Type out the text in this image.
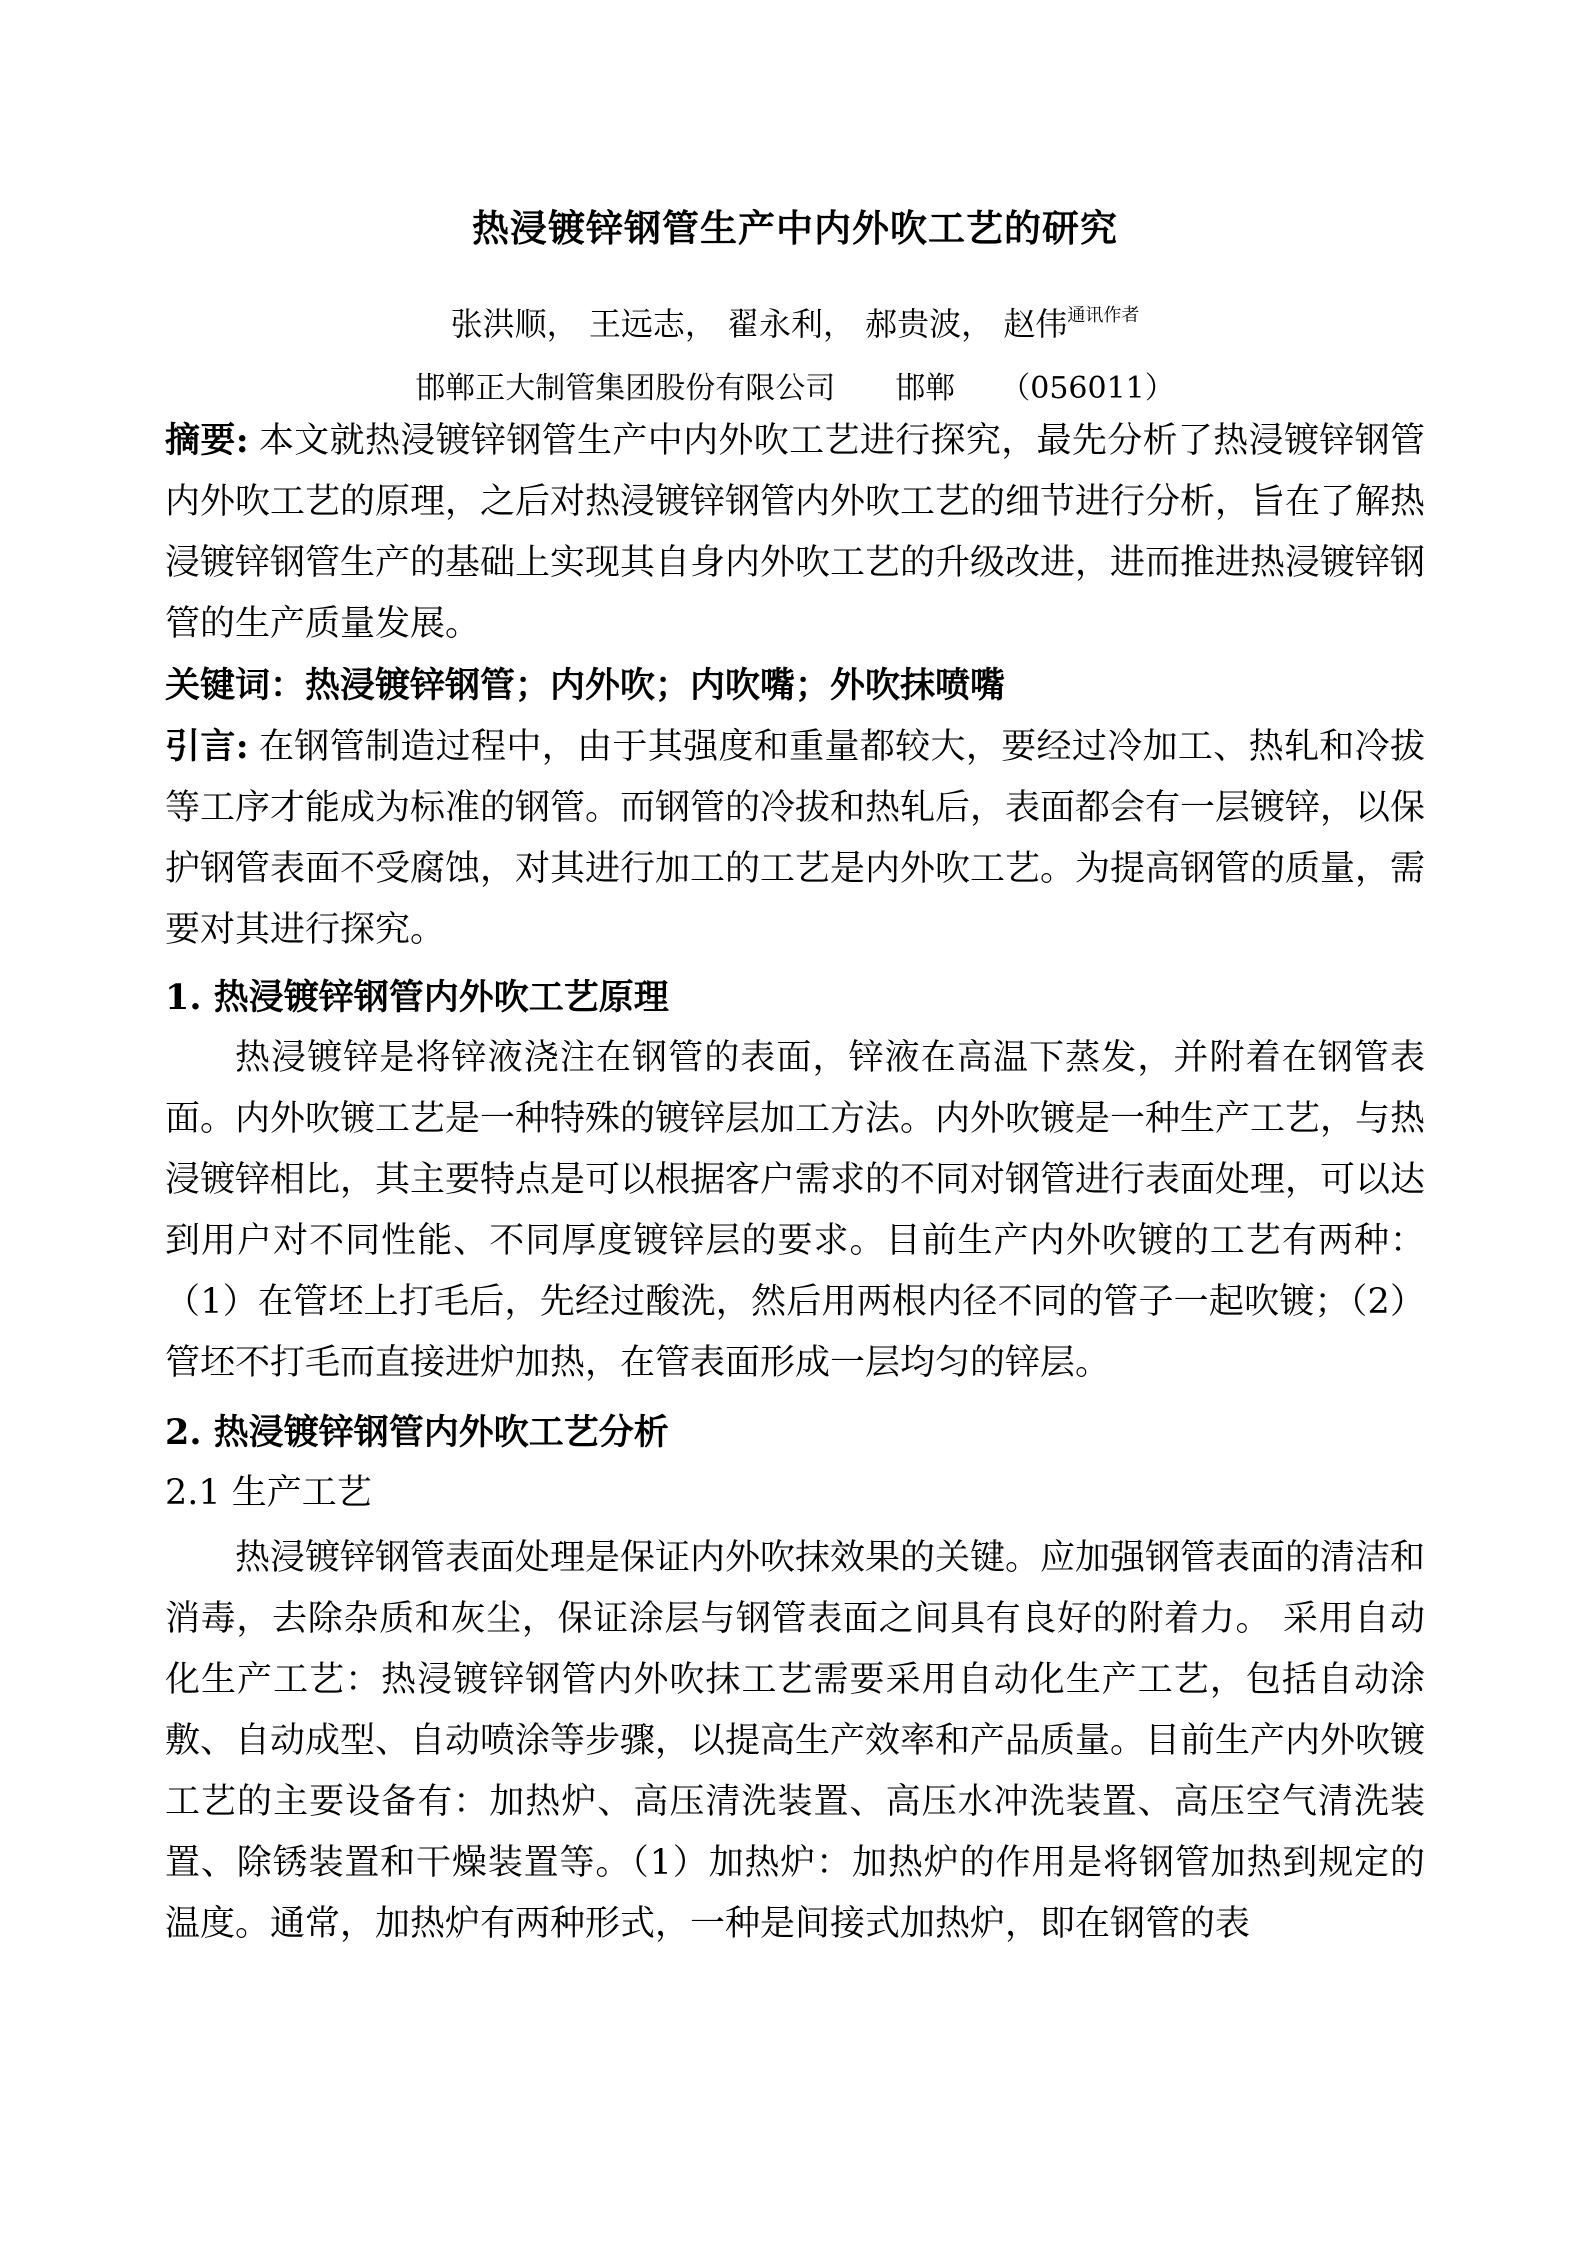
热浸镀锌钢管生产中内外吹工艺的研究
张洪顺， 王远志， 翟永利， 郝贵波， 赵伟$^{通讯作者}$
邯郸正大制管集团股份有限公司　　邯郸　　（056011）

摘要: 本文就热浸镀锌钢管生产中内外吹工艺进行探究，最先分析了热浸镀锌钢管内外吹工艺的原理，之后对热浸镀锌钢管内外吹工艺的细节进行分析，旨在了解热浸镀锌钢管生产的基础上实现其自身内外吹工艺的升级改进，进而推进热浸镀锌钢管的生产质量发展。

关键词：热浸镀锌钢管；内外吹；内吹嘴；外吹抹喷嘴

引言: 在钢管制造过程中，由于其强度和重量都较大，要经过冷加工、热轧和冷拔等工序才能成为标准的钢管。而钢管的冷拔和热轧后，表面都会有一层镀锌，以保护钢管表面不受腐蚀，对其进行加工的工艺是内外吹工艺。为提高钢管的质量，需要对其进行探究。

1. 热浸镀锌钢管内外吹工艺原理

热浸镀锌是将锌液浇注在钢管的表面，锌液在高温下蒸发，并附着在钢管表面。内外吹镀工艺是一种特殊的镀锌层加工方法。内外吹镀是一种生产工艺，与热浸镀锌相比，其主要特点是可以根据客户需求的不同对钢管进行表面处理，可以达到用户对不同性能、不同厚度镀锌层的要求。目前生产内外吹镀的工艺有两种：（1）在管坯上打毛后，先经过酸洗，然后用两根内径不同的管子一起吹镀；（2）管坯不打毛而直接进炉加热，在管表面形成一层均匀的锌层。

2. 热浸镀锌钢管内外吹工艺分析
2.1 生产工艺

热浸镀锌钢管表面处理是保证内外吹抹效果的关键。应加强钢管表面的清洁和消毒，去除杂质和灰尘，保证涂层与钢管表面之间具有良好的附着力。 采用自动化生产工艺：热浸镀锌钢管内外吹抹工艺需要采用自动化生产工艺，包括自动涂敷、自动成型、自动喷涂等步骤，以提高生产效率和产品质量。目前生产内外吹镀工艺的主要设备有：加热炉、高压清洗装置、高压水冲洗装置、高压空气清洗装置、除锈装置和干燥装置等。（1）加热炉：加热炉的作用是将钢管加热到规定的温度。通常，加热炉有两种形式，一种是间接式加热炉，即在钢管的表
